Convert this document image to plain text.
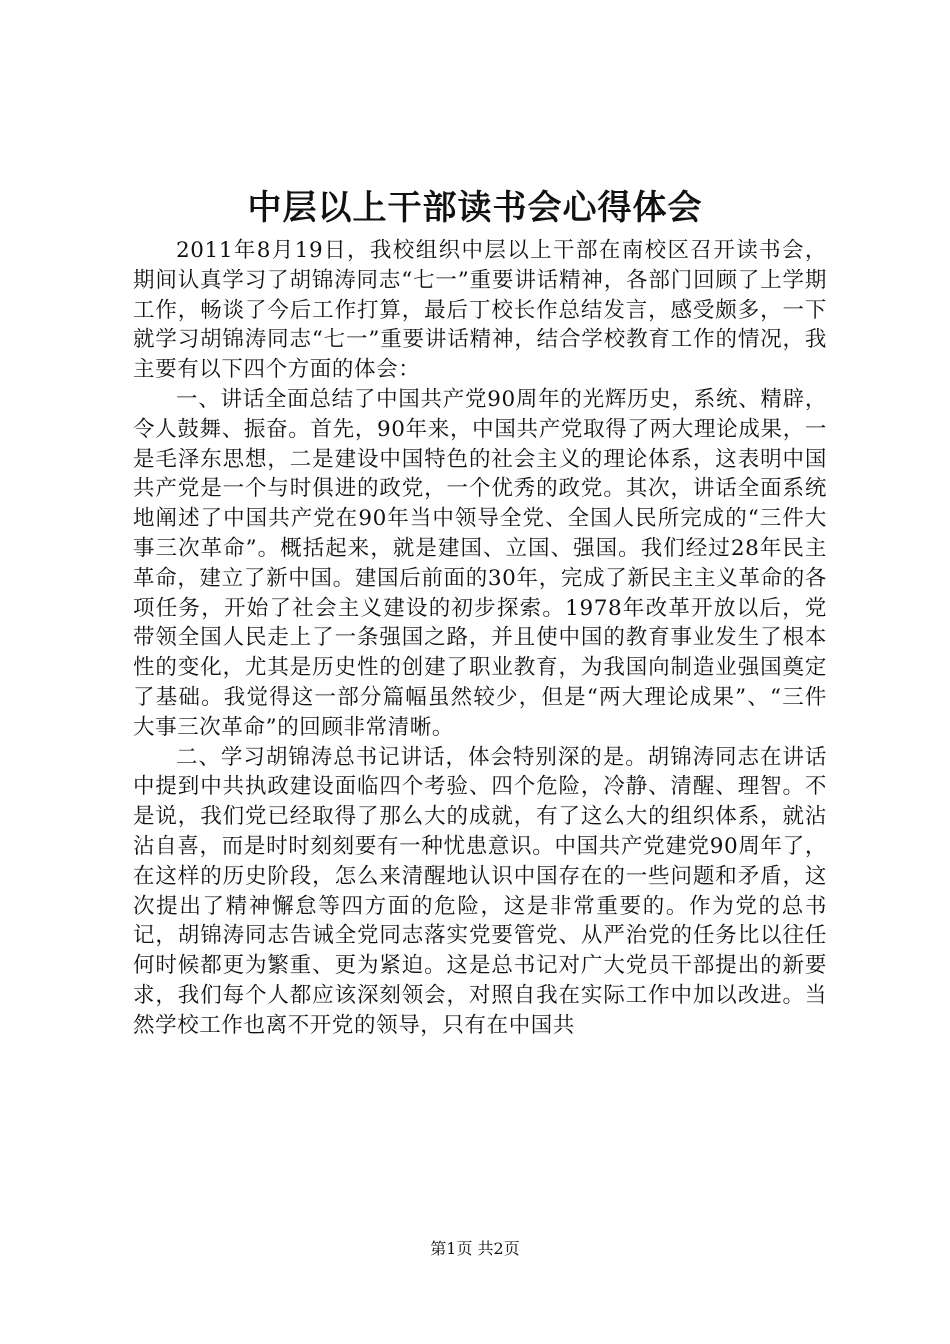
中层以上干部读书会心得体会

2011年8月19日，我校组织中层以上干部在南校区召开读书会，期间认真学习了胡锦涛同志“七一”重要讲话精神，各部门回顾了上学期工作，畅谈了今后工作打算，最后丁校长作总结发言，感受颇多，一下就学习胡锦涛同志“七一”重要讲话精神，结合学校教育工作的情况，我主要有以下四个方面的体会：

一、讲话全面总结了中国共产党90周年的光辉历史，系统、精辟，令人鼓舞、振奋。首先，90年来，中国共产党取得了两大理论成果，一是毛泽东思想，二是建设中国特色的社会主义的理论体系，这表明中国共产党是一个与时俱进的政党，一个优秀的政党。其次，讲话全面系统地阐述了中国共产党在90年当中领导全党、全国人民所完成的“三件大事三次革命”。概括起来，就是建国、立国、强国。我们经过28年民主革命，建立了新中国。建国后前面的30年，完成了新民主主义革命的各项任务，开始了社会主义建设的初步探索。1978年改革开放以后，党带领全国人民走上了一条强国之路，并且使中国的教育事业发生了根本性的变化，尤其是历史性的创建了职业教育，为我国向制造业强国奠定了基础。我觉得这一部分篇幅虽然较少，但是“两大理论成果”、“三件大事三次革命”的回顾非常清晰。

二、学习胡锦涛总书记讲话，体会特别深的是。胡锦涛同志在讲话中提到中共执政建设面临四个考验、四个危险，冷静、清醒、理智。不是说，我们党已经取得了那么大的成就，有了这么大的组织体系，就沾沾自喜，而是时时刻刻要有一种忧患意识。中国共产党建党90周年了，在这样的历史阶段，怎么来清醒地认识中国存在的一些问题和矛盾，这次提出了精神懈怠等四方面的危险，这是非常重要的。作为党的总书记，胡锦涛同志告诫全党同志落实党要管党、从严治党的任务比以往任何时候都更为繁重、更为紧迫。这是总书记对广大党员干部提出的新要求，我们每个人都应该深刻领会，对照自我在实际工作中加以改进。当然学校工作也离不开党的领导，只有在中国共

第1页 共2页
